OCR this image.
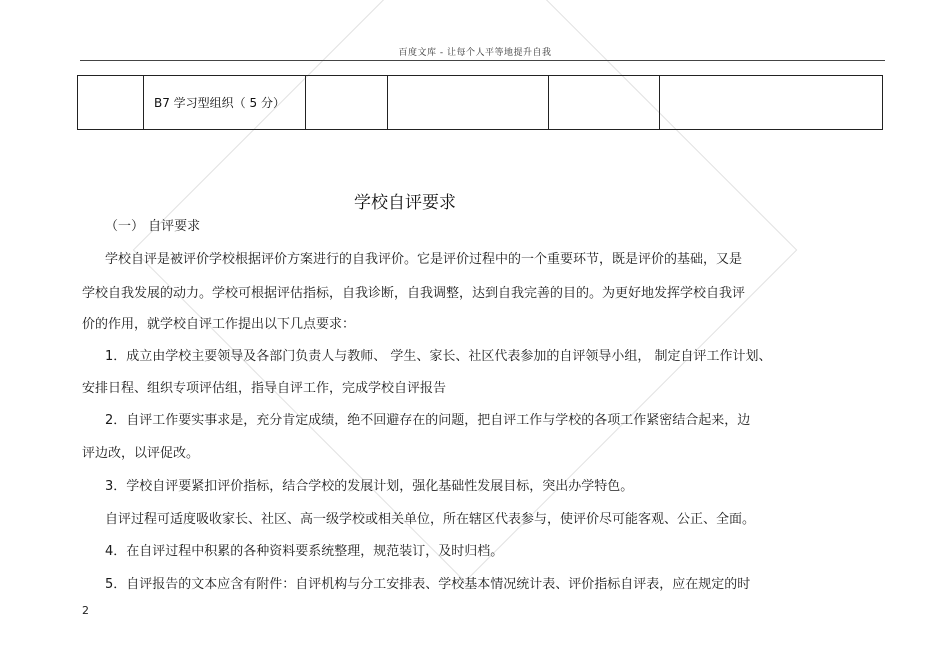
百度文库 - 让每个人平等地提升自我
	B7 学习型组织（ 5 分）				
学校自评要求
（一） 自评要求
学校自评是被评价学校根据评价方案进行的自我评价。它是评价过程中的一个重要环节，既是评价的基础，又是
学校自我发展的动力。学校可根据评估指标，自我诊断，自我调整，达到自我完善的目的。为更好地发挥学校自我评
价的作用，就学校自评工作提出以下几点要求：
1．成立由学校主要领导及各部门负责人与教师、 学生、家长、社区代表参加的自评领导小组， 制定自评工作计划、
安排日程、组织专项评估组，指导自评工作，完成学校自评报告
2．自评工作要实事求是，充分肯定成绩，绝不回避存在的问题，把自评工作与学校的各项工作紧密结合起来，边
评边改，以评促改。
3．学校自评要紧扣评价指标，结合学校的发展计划，强化基础性发展目标，突出办学特色。
自评过程可适度吸收家长、社区、高一级学校或相关单位，所在辖区代表参与，使评价尽可能客观、公正、全面。
4．在自评过程中积累的各种资料要系统整理，规范装订，及时归档。
5．自评报告的文本应含有附件：自评机构与分工安排表、学校基本情况统计表、评价指标自评表，应在规定的时
2
